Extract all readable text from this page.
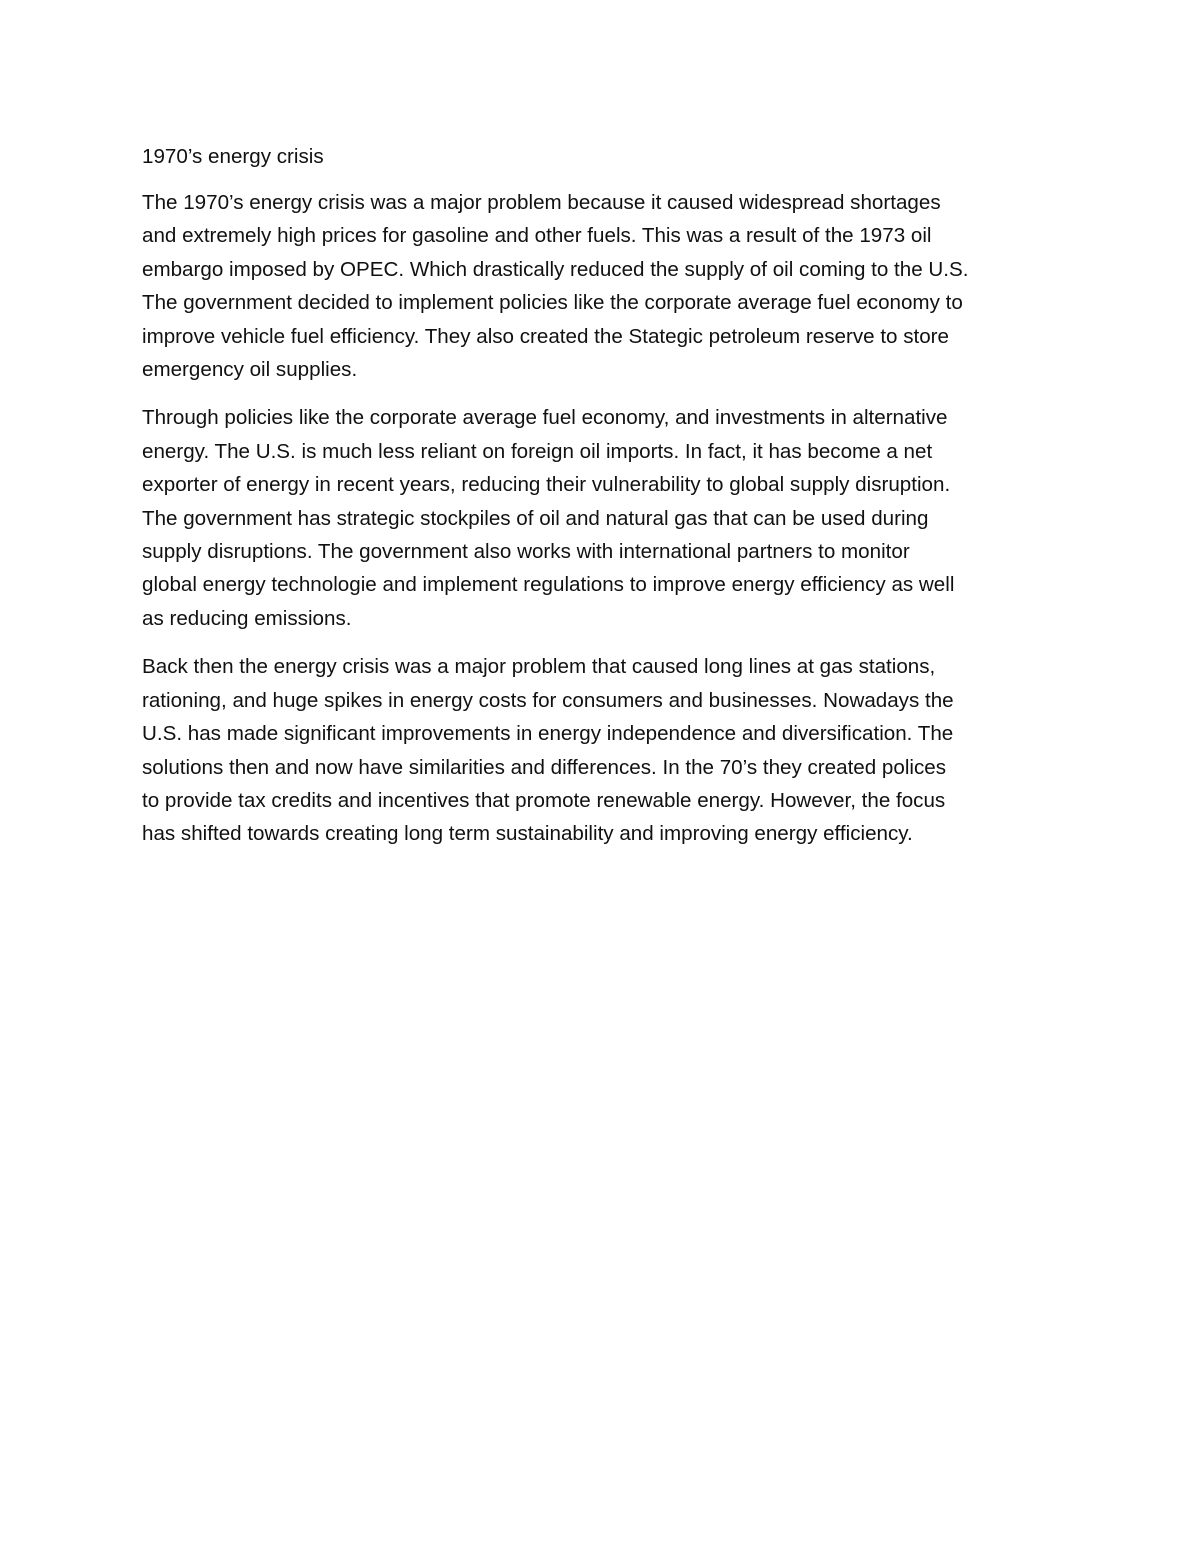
1970’s energy crisis
The 1970’s energy crisis was a major problem because it caused widespread shortages
and extremely high prices for gasoline and other fuels. This was a result of the 1973 oil
embargo imposed by OPEC. Which drastically reduced the supply of oil coming to the U.S.
The government decided to implement policies like the corporate average fuel economy to
improve vehicle fuel efficiency. They also created the Stategic petroleum reserve to store
emergency oil supplies.
Through policies like the corporate average fuel economy, and investments in alternative
energy. The U.S. is much less reliant on foreign oil imports. In fact, it has become a net
exporter of energy in recent years, reducing their vulnerability to global supply disruption.
The government has strategic stockpiles of oil and natural gas that can be used during
supply disruptions. The government also works with international partners to monitor
global energy technologie and implement regulations to improve energy efficiency as well
as reducing emissions.
Back then the energy crisis was a major problem that caused long lines at gas stations,
rationing, and huge spikes in energy costs for consumers and businesses. Nowadays the
U.S. has made significant improvements in energy independence and diversification. The
solutions then and now have similarities and differences. In the 70’s they created polices
to provide tax credits and incentives that promote renewable energy. However, the focus
has shifted towards creating long term sustainability and improving energy efficiency.
